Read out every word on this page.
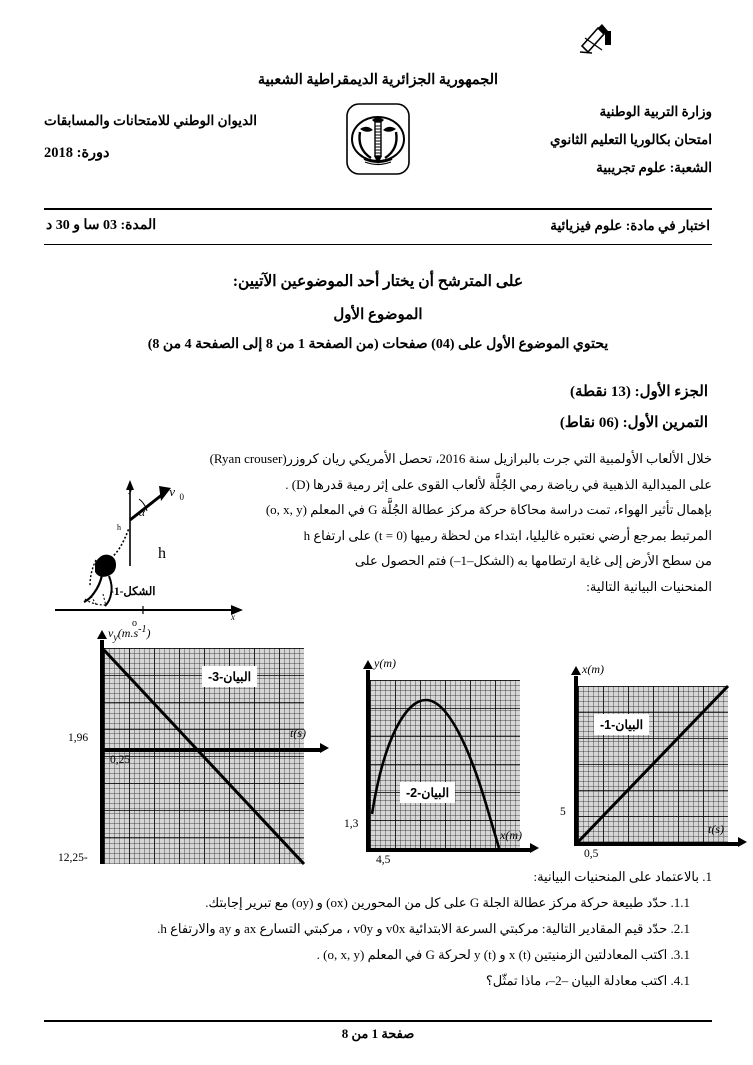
الجمهورية الجزائرية الديمقراطية الشعبية
وزارة التربية الوطنية
امتحان بكالوريا التعليم الثانوي
الشعبة: علوم تجريبية
الديوان الوطني للامتحانات والمسابقات
دورة: 2018
اختبار في مادة: علوم فيزيائية
المدة: 03 سا و 30 د
على المترشح أن يختار أحد الموضوعين الآتيين:
الموضوع الأول
يحتوي الموضوع الأول على (04) صفحات (من الصفحة 1 من 8 إلى الصفحة 4 من 8)
الجزء الأول: (13 نقطة)
التمرين الأول: (06 نقاط)
خلال الألعاب الأولمبية التي جرت بالبرازيل سنة 2016، تحصل الأمريكي ريان كروزر(Ryan crouser)
على الميدالية الذهبية في رياضة رمي الجُلَّة لألعاب القوى على إثر رمية قدرها (D) .
بإهمال تأثير الهواء، تمت دراسة محاكاة حركة مركز عطالة الجُلَّة G في المعلم (o, x, y)
المرتبط بمرجع أرضي نعتبره غاليليا، ابتداء من لحظة رميها (t = 0) على ارتفاع h
من سطح الأرض إلى غاية ارتطامها به (الشكل–1–) فتم الحصول على
المنحنيات البيانية التالية:
y
x
o
v 0
α
h
h
الشكل-1-
$v_y(m.s^{-1})$
t(s)
1,96
-12,25
0,25
البيان-3-
y(m)
x(m)
1,3
4,5
البيان-2-
x(m)
t(s)
5
0,5
البيان-1-
1. بالاعتماد على المنحنيات البيانية:
1.1. حدّد طبيعة حركة مركز عطالة الجلة G على كل من المحورين (ox) و (oy) مع تبرير إجابتك.
2.1. حدّد قيم المقادير التالية: مركبتي السرعة الابتدائية v0x و v0y ، مركبتي التسارع ax و ay والارتفاع h.
3.1. اكتب المعادلتين الزمنيتين x (t) و y (t) لحركة G في المعلم (o, x, y) .
4.1. اكتب معادلة البيان –2–، ماذا تمثّل؟
صفحة 1 من 8
